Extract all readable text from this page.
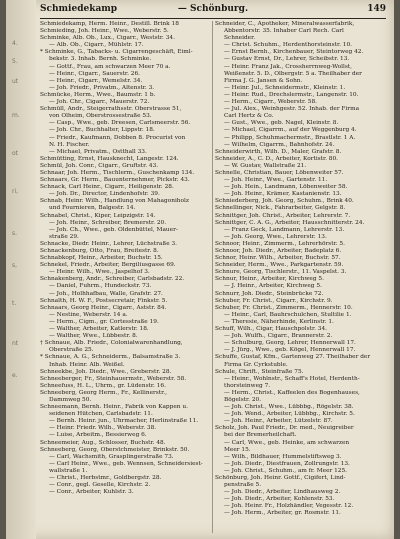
4.
5.
ut
m.
ot
ri,
s.
s,
t.
nt
e.
Schmiedekamp	— Schönburg.	149
Schmiedekamp, Herm. Heinr., Destill. Brink 18
Schmieding, Joh. Heinr., Wwe., Weberstr. 5.
Schminke, Alb. Ob., Lux., Cigarr., Weststr. 34.
— Alb. Ob., Cigarr., Mühlstr. 17.
* Schminke, G., Tabacks- u. Cigarrengeschäft, Eiml-
bekstr. 3. Inhab. Bernh. Schminke.
— Gottf., Frau, am schwarzen Meer 70 a.
— Heinr., Cigarr., Sauerstr. 26.
— Heinr., Cigarr., Wemelstr. 34.
— Joh. Friedr., Privatm., Altenstr. 3.
Schmücke, Herm., Wwe., Baumstr. 1 b.
— Joh. Chr., Cigarr., Mauerstr. 72.
Schmüll, Andr., Steigerrathsstr. Oberstrasse 51,
von Ölheim, Oberstrossestraße 53.
— Casp., Wwe., geb. Dreesen, Carlsmeerstr. 56.
— Joh. Chr., Buchhalter, Lippstr. 18.
— Friedr., Kaufmann, Dobben 8. Procurist von
N. H. Fischer.
— Michael, Privatm., Ostthall 33.
Schmütting, Ernst, Hausknecht, Langestr. 124.
Schmül, Joh. Conr., Cigarr., Gruftstr. 43.
Schnaar, Joh. Herm., Tischlerm., Guschenkamp 134.
Schnaars, Gr. Herm., Bauunternehmer, Pickstr. 43.
Schnack, Carl Heinr., Cigarr., Heiligenstr. 28.
— Joh. Dr., Director, Lindenhofstr. 39.
Schnab, Heinr. Wilh., Handlung von Mahagoniholz
und Fournieren, Balgestr. 14.
Schnabel, Christ., Kiper, Leipzigstr. 14.
— Joh. Heinr., Schreiber, Bremerstr. 20.
— Joh. Ch., Wwe., geb. Oldenbüttel, Mauer-
straße 29.
Schnacke, Diedr. Heinr., Lehrer, Lüchstraße 3.
Schnackenburg, Otto, Frau, Breitestr. 8.
Schnabkopf, Heinr., Arbeiter, Buchstr. 15.
Schnekel, Friedr., Arbeiter, Bergiliusgasse 69.
— Heinr. Wilh., Wwe., Jaspelhof 3.
Schnakenberg, Andr., Schreiber, Carlsbadstr. 22.
— Daniel, Fuhrm., Hundeckstr. 73.
— Joh., Holhhafbau, Walle, Grafstr. 27.
Schnalth, H. W. F., Postsecretair, Finkstr. 5.
Schnaars, Georg Heinr., Cigarr., Aststr. 84.
— Nestine, Weberstr. 14 a.
— Herm., Cigm., gr. Cortesstraße 19.
— Walther, Arbeiter, Katlerstr. 18.
— Walther, Wwe., Lübbestr. 8.
† Schnaue, Alb. Friedr., Colonialwarenhandlung,
Oberstraße 25.
* Schnaue, A. G., Schneiderm., Balsamstraße 3.
Inhab. Heinr. Alb. Weißel.
Schneekbe, Joh. Diedr., Wwe., Greberstr. 28.
Schneeberger, Fr., Steinhauermstr., Weberstr. 58.
Schneefuss, H. L., Uhrm., gr. Lüdenstr. 16.
Schneeberg, Georg Herm., Fr., Kellinerstr.,
Dammweg 50.
Schneemann, Bernh. Heinr., Fabrik von Kappen u.
seidenen Hütchen, Carlsbadstr. 11.
— Bernh. Heinr. jun., Uhrmacher, Herlinstraße 11.
— Heinr. Friedr. Wilh., Weberstr. 38.
— Luise, Arbeitm., Bessierweg 6.
Schneemeier, Aug., Schlosser, Buchstr. 48.
Schneeberg, Georg, Oberstchmeister, Brinkstr. 50.
— Carl, Wachsmith, Grasplingerstraße 73.
— Carl Heinr., Wwe., geb. Wennsen, Schneidersiest-
wallstraße 1.
— Christ., Herbstmr., Goldbergstr. 28.
— Conr., gegl. Geselle, Kirchstr. 2.
— Conr., Arbeiter, Kuhlstr. 3.
Schneider, C., Apotheker, Mineralwasserfabrik,
Abbentorstr. 35. Inhaber Carl Rech. Carl
Schneider.
— Christ. Schuhm., Herdenthorsteinstr. 10.
— Ernst Bernh., Kirchenbauer, Steintorweg 42.
— Gustav Ernst, Dr., Lehrer, Scheibstr. 13.
— Heinr. Franz Jak., Crossherrnweg-Wollst,
Weißenstr. 5. D., Ölbergstr. 5 a. Theilhaber der
Firma J. G. Jansen & Sohn.
— Heinr. Jul., Schneidermstr., Kleinstr. 1.
— Heinr. Rud., Drechslermstr., Langenstr. 10.
— Herm., Cigarr., Weberstr. 58.
— Jul. Alex., Weinhgestr. 52. Inhab. der Firma
Carl Hertz & Co.
— Gust., Wwe., geb. Nagel, Kleinstr. 8.
— Michael, Cigarrm., auf der Weggenburg 4.
— Philipp, Schuhmachermstr., Brastlstr. 1 A.
— Wilhelm, Cigarrm., Bahnhofstr. 24.
Schneiderwirth, Wilh. D., Maler, Grafstr. 8.
Schneider, A., C. D., Arbeiter, Kortistr. 80.
— W. Gustav, Wallstraße 21.
Schnelle, Christian, Bauer, Löbenweiter 57.
— Joh. Heinr., Wwe., Gartenstr. 11.
— Joh. Hein., Landmann, Löbenweiter 58.
— Joh. Heinr., Krämer, Kastanienstr. 13.
Schniederberg, Joh. Georg, Schuhm., Brink 40.
Schnellinger, Nick., Fahrarbeiter, Gelgstr. 8.
Schnittger, Joh. Christ., Arbeiter, Lehrerstr. 7.
Schnittger, C. A. G., Arbeiter, Hausschnitterstr. 24.
— Franz Geck, Landmann, Lehrerstr. 13.
— Joh. Georg, Wwe., Lehrerstr. 13.
Schnoor, Heinr., Zimmerm., Lehrerhörstr. 5.
Schnoor, Joh. Diedr., Arbeiter, Badeplatz 6.
Schnor, Heinr. Wilh., Arbeiter, Buchstr. 57.
Schneider, Herm., Wwe., Parkgartenstr. 59.
Schnure, Georg, Tischlerstr., 11. Vaspelst. 3.
Schnur, Heinr., Arbeiter, Kirchweg 5.
— J. Heinr., Arbeiter, Kirchweg 5.
Schnurr, Joh. Diedr., Steinbrücke 72.
Schuber, Fr. Christ., Cigarr., Kirchstr. 9.
Schuber, Fr. Christ., Zimmerm., Hennerstr. 10.
— Heinr., Carl, Bauhrschulchen, Stultilie 1.
— Theresie, Näherhinde, Kerlinstr. 1.
Schuff, Wilh., Cigar, Hauschpolstr. 34.
— Joh. Wulfh., Cigarr., Brannerstr. 2.
— Schulburg, Georg, Lehrer, Hennerwall 17.
— J. Jürg., Wwe., geb. Kögel, Hennerwall 17.
Schuffe, Gustaf, Kfm., Gartenweg 27. Theilhaber der
Firma Gr. Cyrkstuble.
Schule, Chrift., Steinfraße 75.
— Heinr., Wohlnstr., Schaff's Hotel, Herdenth-
thorsteinweg 7.
— Herm., Christ., Kaffeelen des Bogenhauses,
Bögelstr. 20.
— Joh. Christ., Wwe., Lübbbg., Rögelstr. 38.
— Joh. Wend., Arbeiter, Lübbbg., Kirchstr. 5.
— Joh. Heinr., Arbeiter, Lützelstr. 87.
Scholz, Joh. Paul Friedr., Dr. med., Neuigreiber
bei der Bremerheilchaft.
— Carl, Wwe., geb. Heinke, am schwarzen
Meer 15.
— Wilh., Bildhauer, Hummelstiftsweg 3.
— Joh. Diedr., Diestfrauen, Zollrungstr. 13.
— Joh. Christ., Schuhm., am fr. Meer 125.
Schönburg, Joh. Heinr. Gottf., Cigifert, Lind-
penstraße 5.
— Joh. Diedr., Arbeiter, Lindhausweg 2.
— Joh. Diedr., Arbeiter, Kohlenstr. 53.
— Joh. Heinr. Fr., Holzhändler, Vegesstr. 12.
— Joh. Herm., Arbeiter, gr. Rosmstr. 11.
